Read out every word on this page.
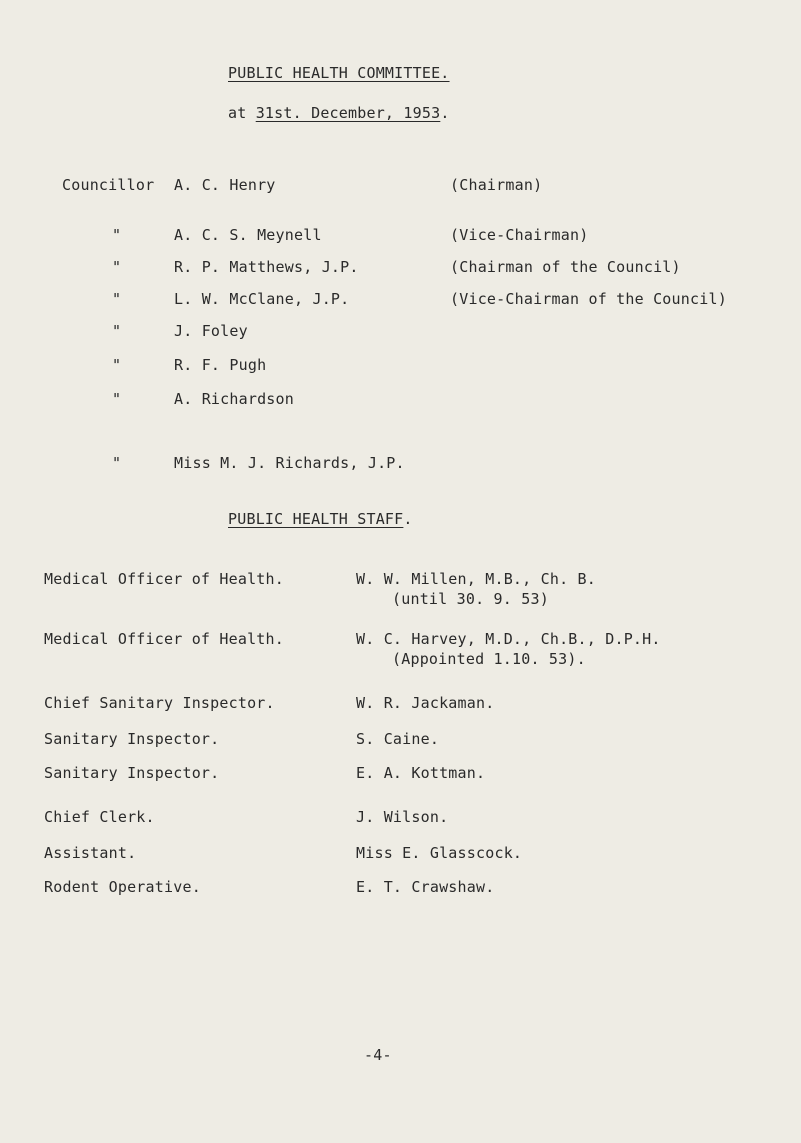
PUBLIC HEALTH COMMITTEE.
at 31st. December, 1953.
Councillor A. C. Henry	(Chairman)
"	A. C. S. Meynell	(Vice-Chairman)
"	R. P. Matthews, J.P.	(Chairman of the Council)
"	L. W. McClane, J.P.	(Vice-Chairman of the Council)
"	J. Foley
"	R. F. Pugh
"	A. Richardson
"	Miss M. J. Richards, J.P.
PUBLIC HEALTH STAFF.
Medical Officer of Health.	W. W. Millen, M.B., Ch. B.
(until 30. 9. 53)
Medical Officer of Health.	W. C. Harvey, M.D., Ch.B., D.P.H.
(Appointed 1.10. 53).
Chief Sanitary Inspector.	W. R. Jackaman.
Sanitary Inspector.	S. Caine.
Sanitary Inspector.	E. A. Kottman.
Chief Clerk.	J. Wilson.
Assistant.	Miss E. Glasscock.
Rodent Operative.	E. T. Crawshaw.
-4-
